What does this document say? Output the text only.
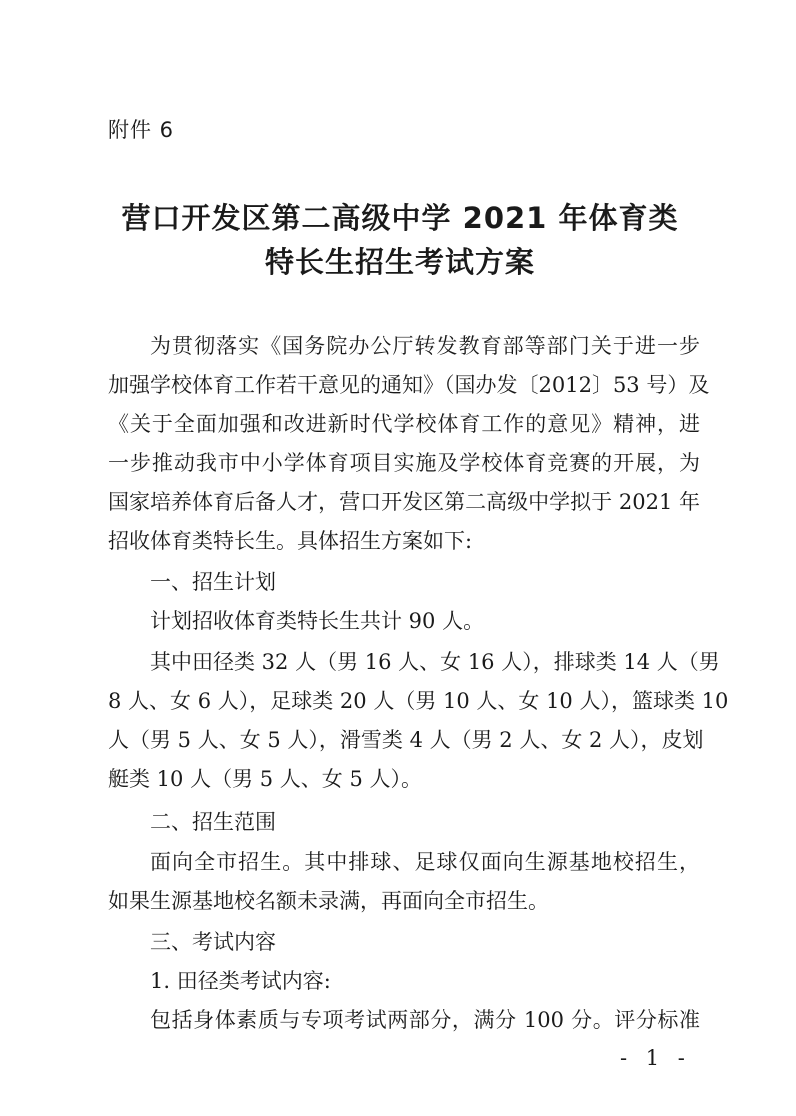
附件 6
营口开发区第二高级中学 2021 年体育类
特长生招生考试方案
为贯彻落实《国务院办公厅转发教育部等部门关于进一步
加强学校体育工作若干意见的通知》（国办发〔2012〕53 号）及
《关于全面加强和改进新时代学校体育工作的意见》精神，进
一步推动我市中小学体育项目实施及学校体育竞赛的开展，为
国家培养体育后备人才，营口开发区第二高级中学拟于 2021 年
招收体育类特长生。具体招生方案如下:
一、招生计划
计划招收体育类特长生共计 90 人。
其中田径类 32 人（男 16 人、女 16 人），排球类 14 人（男
8 人、女 6 人），足球类 20 人（男 10 人、女 10 人），篮球类 10
人（男 5 人、女 5 人），滑雪类 4 人（男 2 人、女 2 人），皮划
艇类 10 人（男 5 人、女 5 人）。
二、招生范围
面向全市招生。其中排球、足球仅面向生源基地校招生，
如果生源基地校名额未录满，再面向全市招生。
三、考试内容
1. 田径类考试内容:
包括身体素质与专项考试两部分，满分 100 分。评分标准
- 1 -
